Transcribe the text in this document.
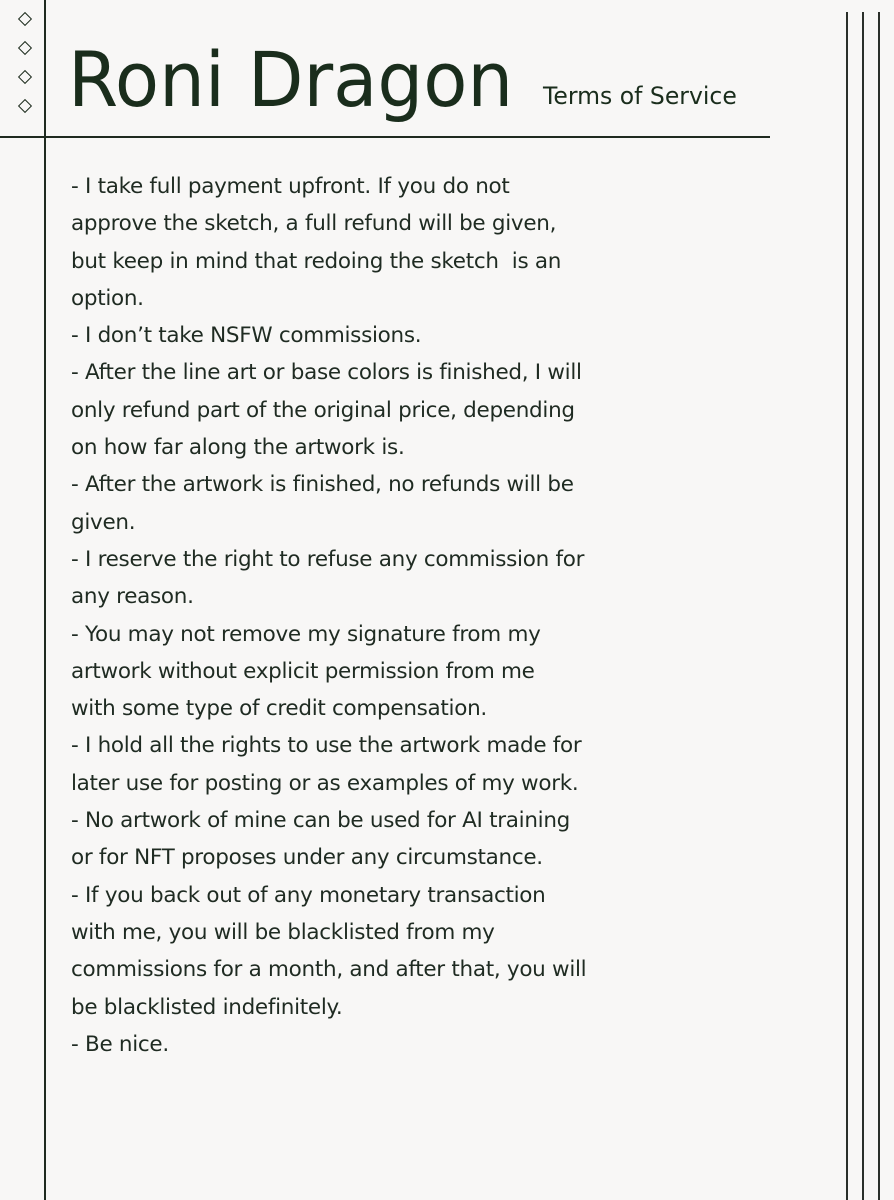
Roni Dragon Terms of Service
- I take full payment upfront. If you do not
approve the sketch, a full refund will be given,
but keep in mind that redoing the sketch  is an
option.
- I don’t take NSFW commissions.
- After the line art or base colors is finished, I will
only refund part of the original price, depending
on how far along the artwork is.
- After the artwork is finished, no refunds will be
given.
- I reserve the right to refuse any commission for
any reason.
- You may not remove my signature from my
artwork without explicit permission from me
with some type of credit compensation.
- I hold all the rights to use the artwork made for
later use for posting or as examples of my work.
- No artwork of mine can be used for AI training
or for NFT proposes under any circumstance.
- If you back out of any monetary transaction
with me, you will be blacklisted from my
commissions for a month, and after that, you will
be blacklisted indefinitely.
- Be nice.
